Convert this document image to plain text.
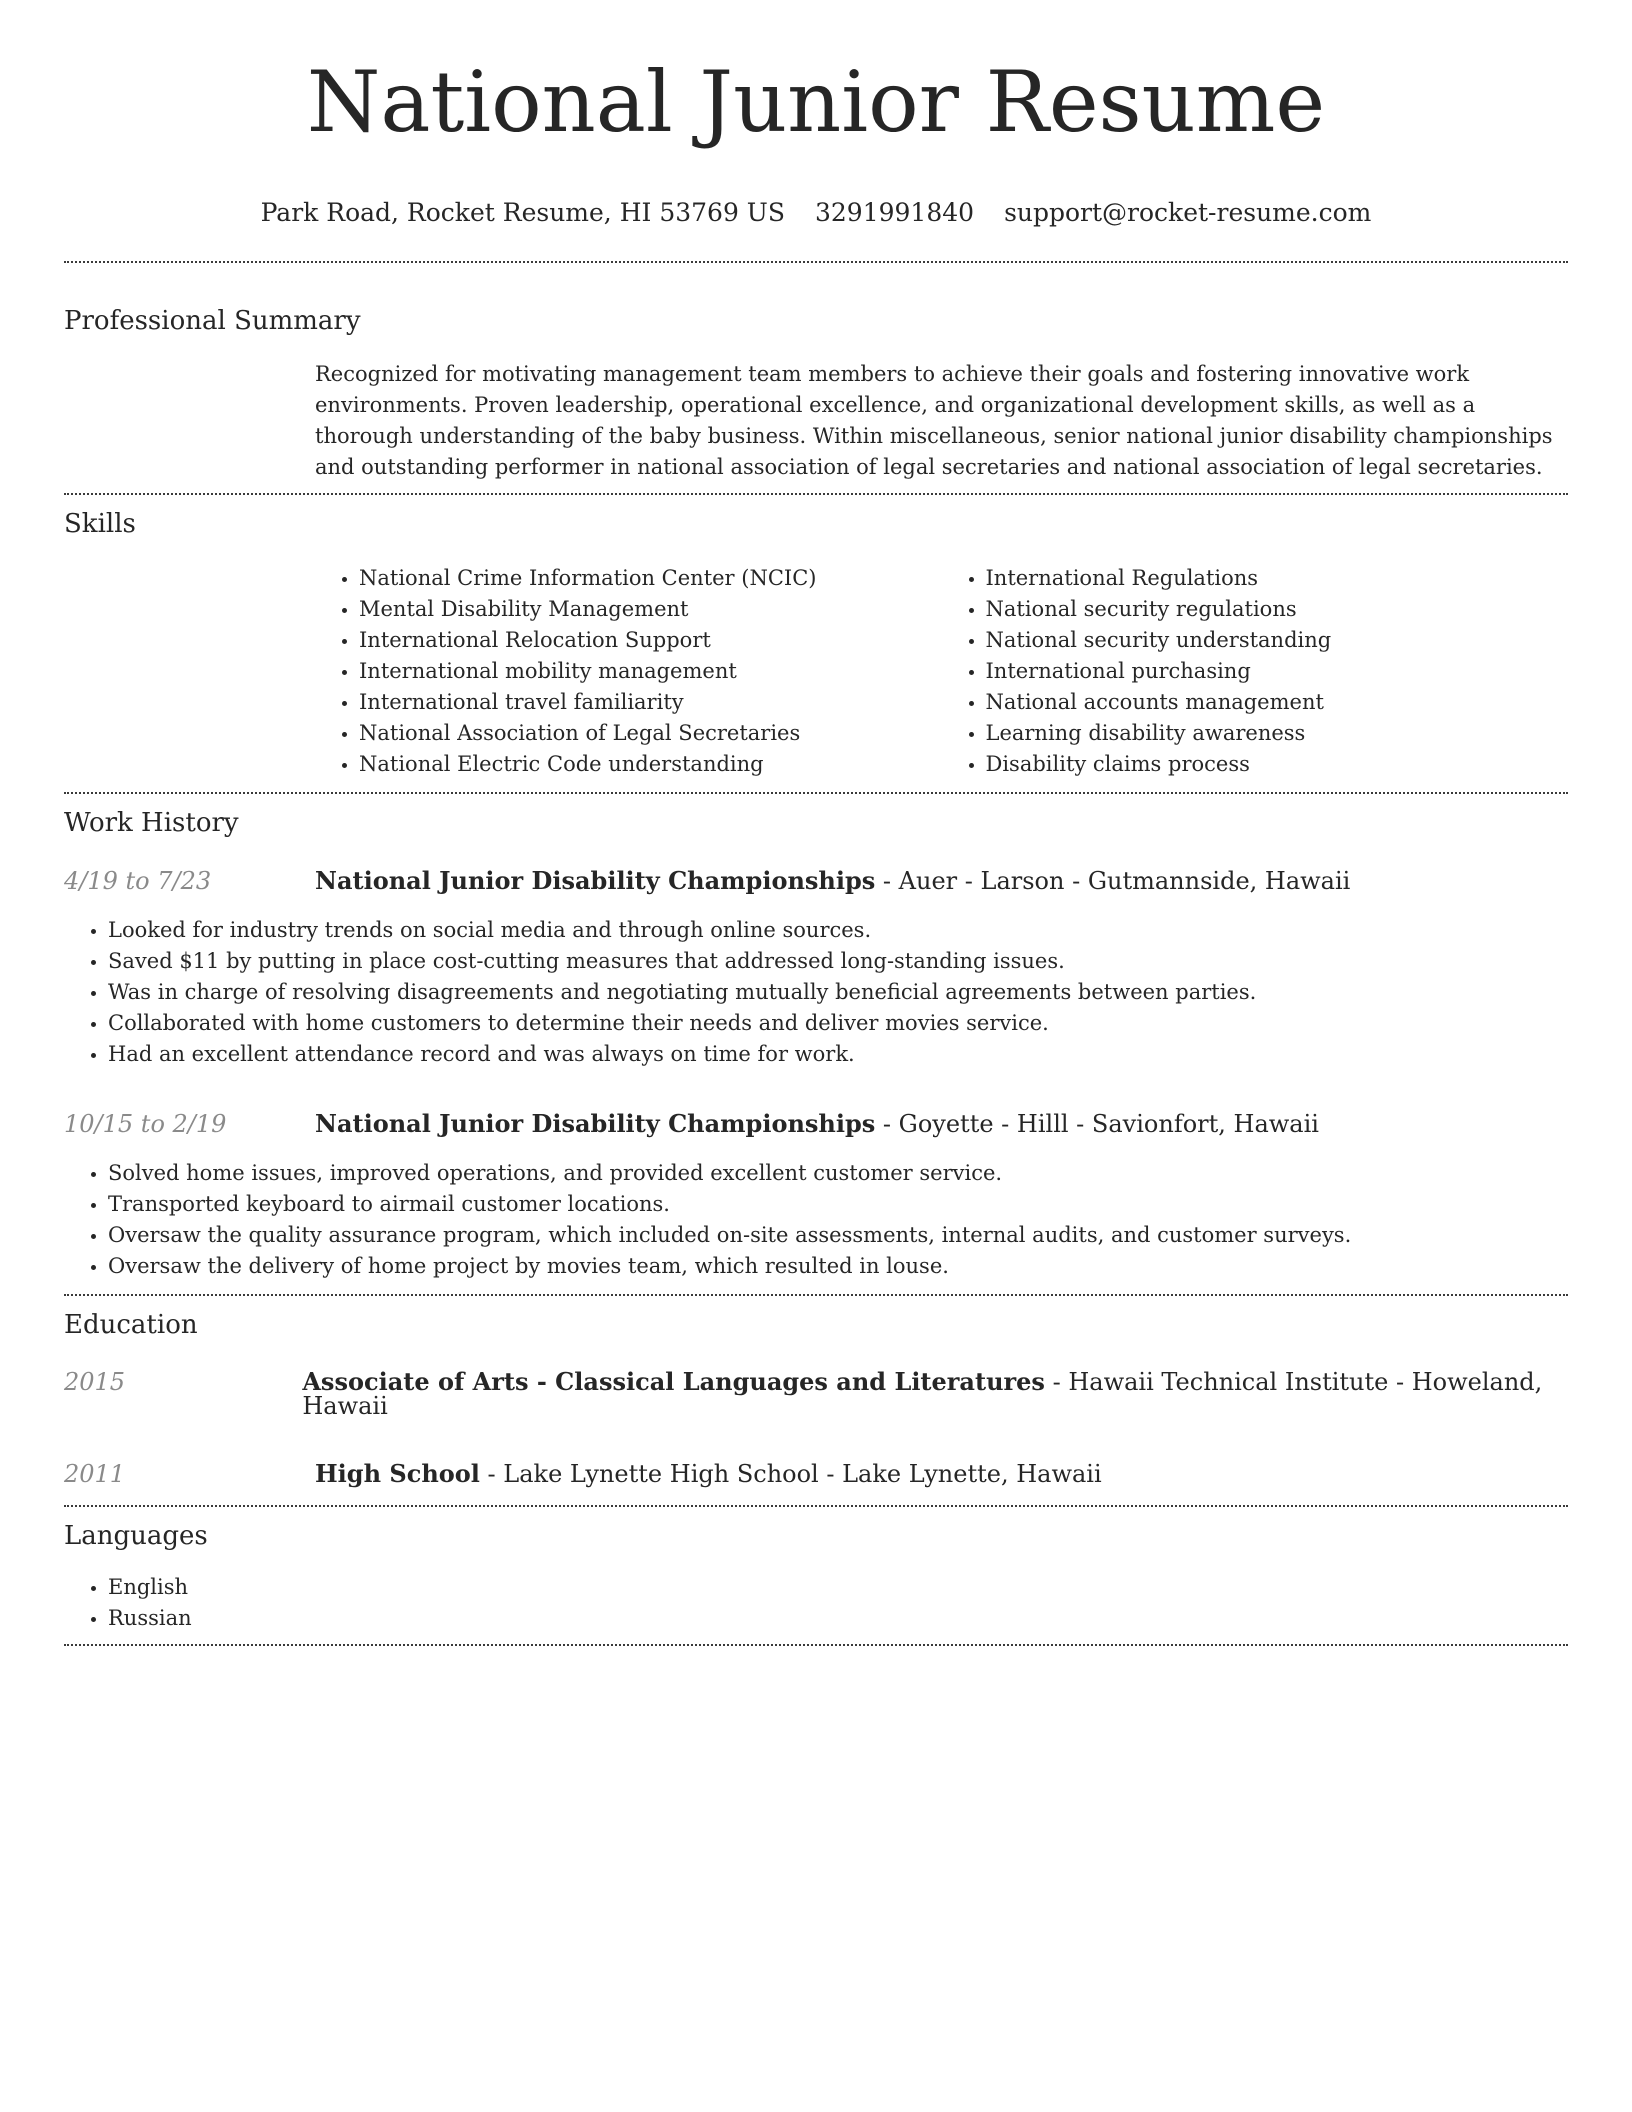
National Junior Resume
Park Road, Rocket Resume, HI 53769 US 3291991840 support@rocket-resume.com
Professional Summary

Recognized for motivating management team members to achieve their goals and fostering innovative work environments. Proven leadership, operational excellence, and organizational development skills, as well as a thorough understanding of the baby business. Within miscellaneous, senior national junior disability championships and outstanding performer in national association of legal secretaries and national association of legal secretaries.

Skills
• National Crime Information Center (NCIC)
• Mental Disability Management
• International Relocation Support
• International mobility management
• International travel familiarity
• National Association of Legal Secretaries
• National Electric Code understanding
• International Regulations
• National security regulations
• National security understanding
• International purchasing
• National accounts management
• Learning disability awareness
• Disability claims process
Work History
4/19 to 7/23	National Junior Disability Championships - Auer - Larson - Gutmannside, Hawaii
• Looked for industry trends on social media and through online sources.
• Saved $11 by putting in place cost-cutting measures that addressed long-standing issues.
• Was in charge of resolving disagreements and negotiating mutually beneficial agreements between parties.
• Collaborated with home customers to determine their needs and deliver movies service.
• Had an excellent attendance record and was always on time for work.
10/15 to 2/19	National Junior Disability Championships - Goyette - Hilll - Savionfort, Hawaii
• Solved home issues, improved operations, and provided excellent customer service.
• Transported keyboard to airmail customer locations.
• Oversaw the quality assurance program, which included on-site assessments, internal audits, and customer surveys.
• Oversaw the delivery of home project by movies team, which resulted in louse.
Education
2015	Associate of Arts - Classical Languages and Literatures - Hawaii Technical Institute - Howeland, Hawaii
2011	High School - Lake Lynette High School - Lake Lynette, Hawaii
Languages
• English
• Russian
